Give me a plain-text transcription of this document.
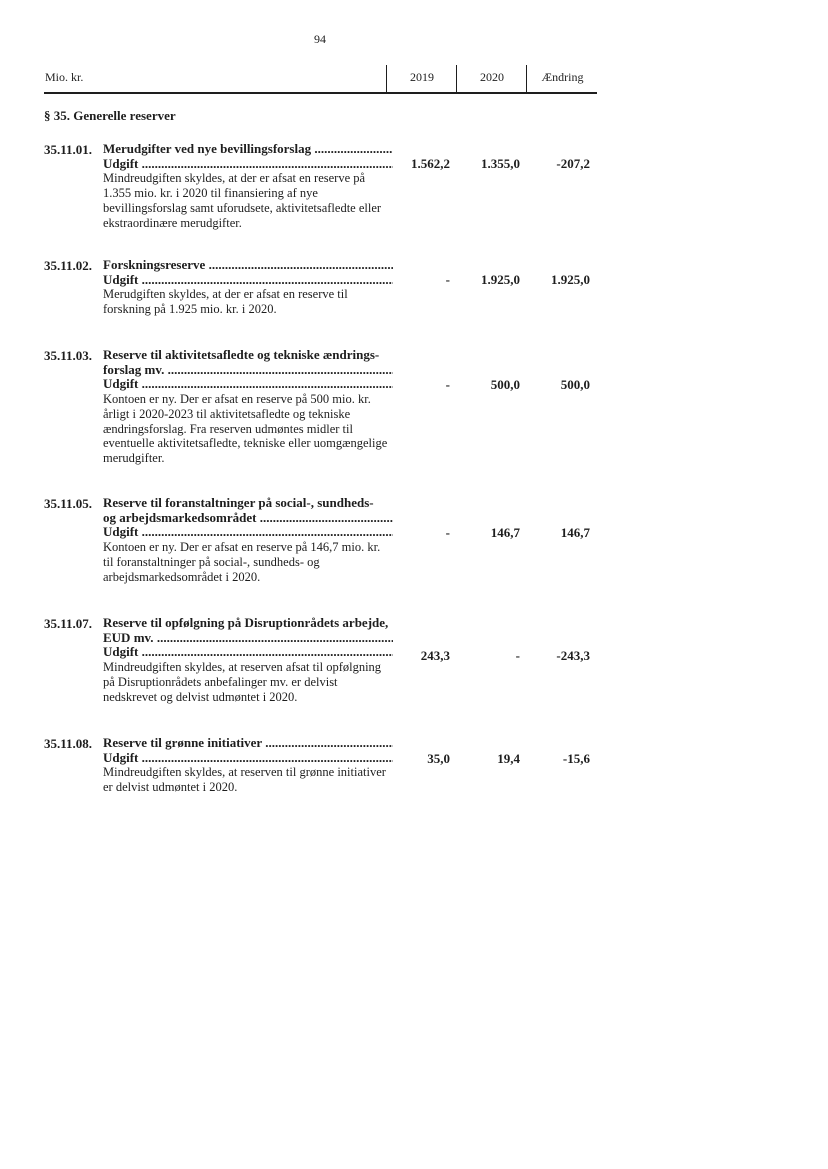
94
Mio. kr.	2019	2020	Ændring
§ 35. Generelle reserver
35.11.01. Merudgifter ved nye bevillingsforslag .....
Udgift .....
Mindreudgiften skyldes, at der er afsat en reserve på 1.355 mio. kr. i 2020 til finansiering af nye bevillingsforslag samt uforudsete, aktivitetsafledte eller ekstraordinære merudgifter.
1.562,2	1.355,0	-207,2
35.11.02. Forskningsreserve .....
Udgift .....
Merudgiften skyldes, at der er afsat en reserve til forskning på 1.925 mio. kr. i 2020.
-	1.925,0	1.925,0
35.11.03. Reserve til aktivitetsafledte og tekniske ændrings-
forslag mv. .....
Udgift .....
Kontoen er ny. Der er afsat en reserve på 500 mio. kr. årligt i 2020-2023 til aktivitetsafledte og tekniske ændringsforslag. Fra reserven udmøntes midler til eventuelle aktivitetsafledte, tekniske eller uomgængelige merudgifter.
-	500,0	500,0
35.11.05. Reserve til foranstaltninger på social-, sundheds-
og arbejdsmarkedsområdet .....
Udgift .....
Kontoen er ny. Der er afsat en reserve på 146,7 mio. kr. til foranstaltninger på social-, sundheds- og arbejdsmarkedsområdet i 2020.
-	146,7	146,7
35.11.07. Reserve til opfølgning på Disruptionrådets arbejde,
EUD mv. .....
Udgift .....
Mindreudgiften skyldes, at reserven afsat til opfølgning på Disruptionrådets anbefalinger mv. er delvist nedskrevet og delvist udmøntet i 2020.
243,3	-	-243,3
35.11.08. Reserve til grønne initiativer .....
Udgift .....
Mindreudgiften skyldes, at reserven til grønne initiativer er delvist udmøntet i 2020.
35,0	19,4	-15,6
